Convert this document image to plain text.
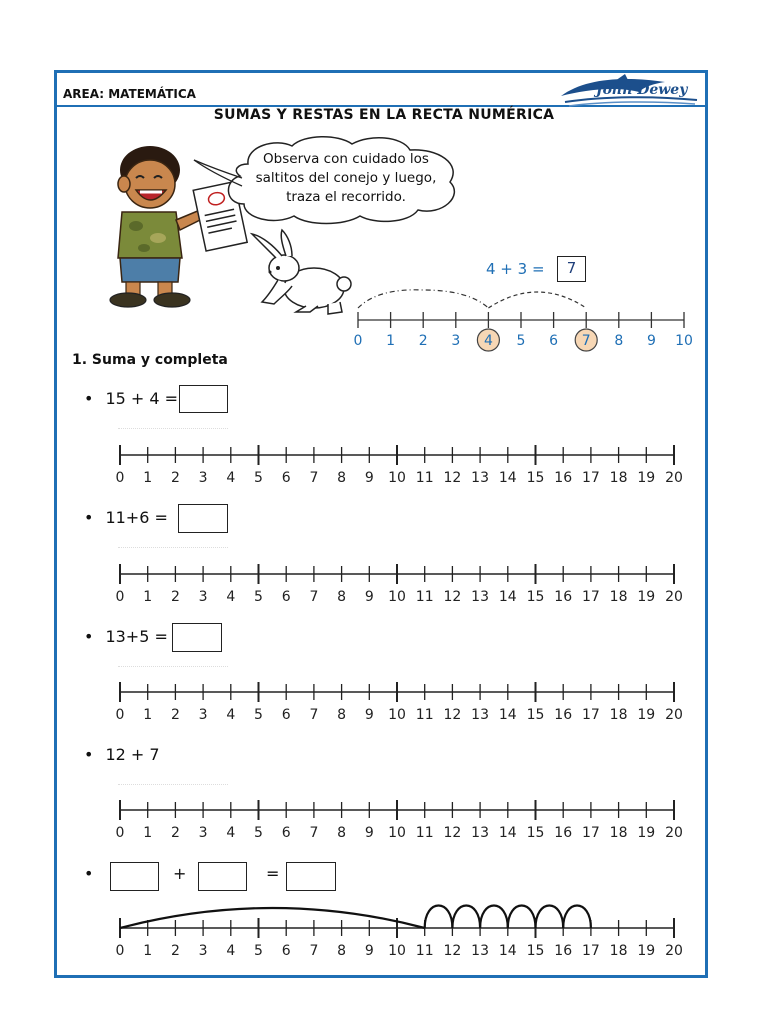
AREA: MATEMÁTICA	John Dewey
SUMAS Y RESTAS EN LA RECTA NUMÉRICA
Observa con cuidado los
saltitos del conejo y luego,
traza el recorrido.
4 + 3 =	7
0 1 2 3 4 5 6 7 8 9 10
1. Suma y completa
• 15 + 4 =
0 1 2 3 4 5 6 7 8 9 10 11 12 13 14 15 16 17 18 19 20
• 11+6 =
0 1 2 3 4 5 6 7 8 9 10 11 12 13 14 15 16 17 18 19 20
• 13+5 =
0 1 2 3 4 5 6 7 8 9 10 11 12 13 14 15 16 17 18 19 20
• 12 + 7
0 1 2 3 4 5 6 7 8 9 10 11 12 13 14 15 16 17 18 19 20
•	+	=
0 1 2 3 4 5 6 7 8 9 10 11 12 13 14 15 16 17 18 19 20
